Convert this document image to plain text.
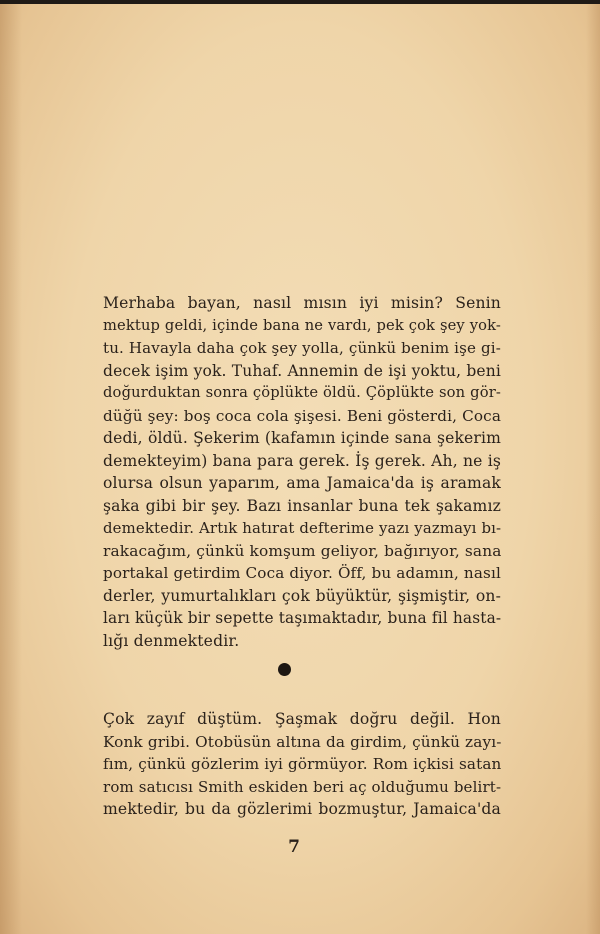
Merhaba bayan, nasıl mısın iyi misin? Senin
mektup geldi, içinde bana ne vardı, pek çok şey yok-
tu. Havayla daha çok şey yolla, çünkü benim işe gi-
decek işim yok. Tuhaf. Annemin de işi yoktu, beni
doğurduktan sonra çöplükte öldü. Çöplükte son gör-
düğü şey: boş coca cola şişesi. Beni gösterdi, Coca
dedi, öldü. Şekerim (kafamın içinde sana şekerim
demekteyim) bana para gerek. İş gerek. Ah, ne iş
olursa olsun yaparım, ama Jamaica'da iş aramak
şaka gibi bir şey. Bazı insanlar buna tek şakamız
demektedir. Artık hatırat defterime yazı yazmayı bı-
rakacağım, çünkü komşum geliyor, bağırıyor, sana
portakal getirdim Coca diyor. Öff, bu adamın, nasıl
derler, yumurtalıkları çok büyüktür, şişmiştir, on-
ları küçük bir sepette taşımaktadır, buna fil hasta-
lığı denmektedir.
Çok zayıf düştüm. Şaşmak doğru değil. Hon
Konk gribi. Otobüsün altına da girdim, çünkü zayı-
fım, çünkü gözlerim iyi görmüyor. Rom içkisi satan
rom satıcısı Smith eskiden beri aç olduğumu belirt-
mektedir, bu da gözlerimi bozmuştur, Jamaica'da
7
